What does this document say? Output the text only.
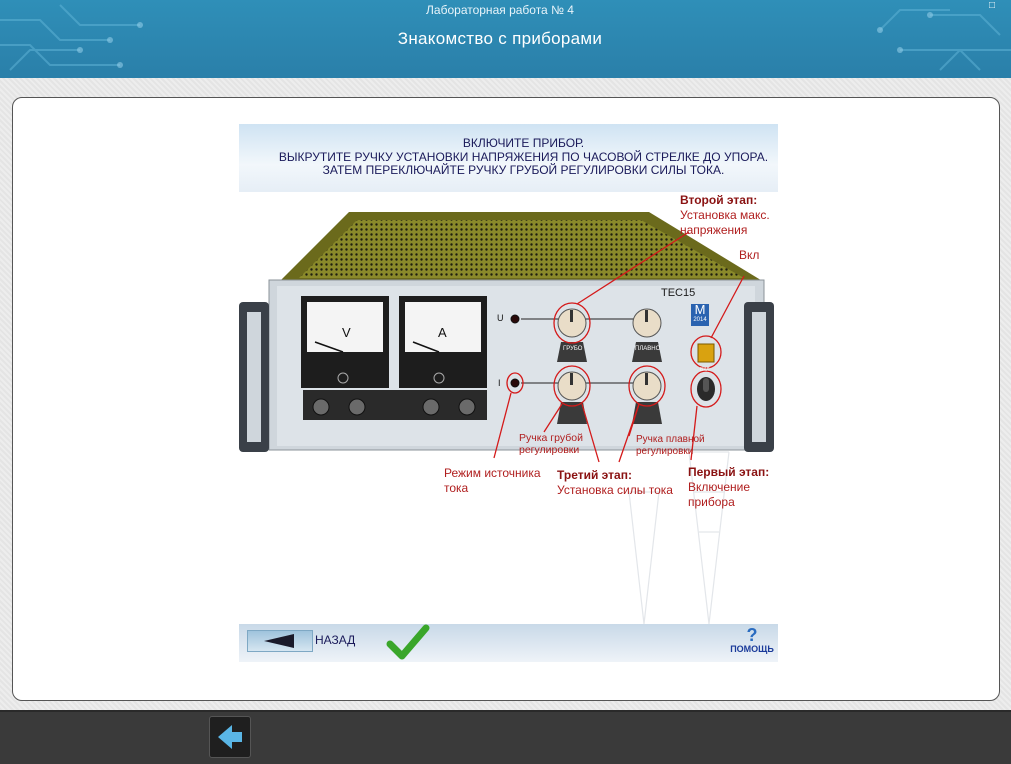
Лабораторная работа № 4
Знакомство с приборами
□
ВКЛЮЧИТЕ ПРИБОР.
ВЫКРУТИТЕ РУЧКУ УСТАНОВКИ НАПРЯЖЕНИЯ ПО ЧАСОВОЙ СТРЕЛКЕ ДО УПОРА.
ЗАТЕМ ПЕРЕКЛЮЧАЙТЕ РУЧКУ ГРУБОЙ РЕГУЛИРОВКИ СИЛЫ ТОКА.
TEC15
M
2014
V	A
U
I
ГРУБО	ПЛАВНО
ВКЛ
Второй этап:
Установка макс.
напряжения
Вкл
Ручка грубой
регулировки
Ручка плавной
регулировки
Режим источника
тока
Третий этап:
Установка силы тока
Первый этап:
Включение
прибора
НАЗАД	?
ПОМОЩЬ
